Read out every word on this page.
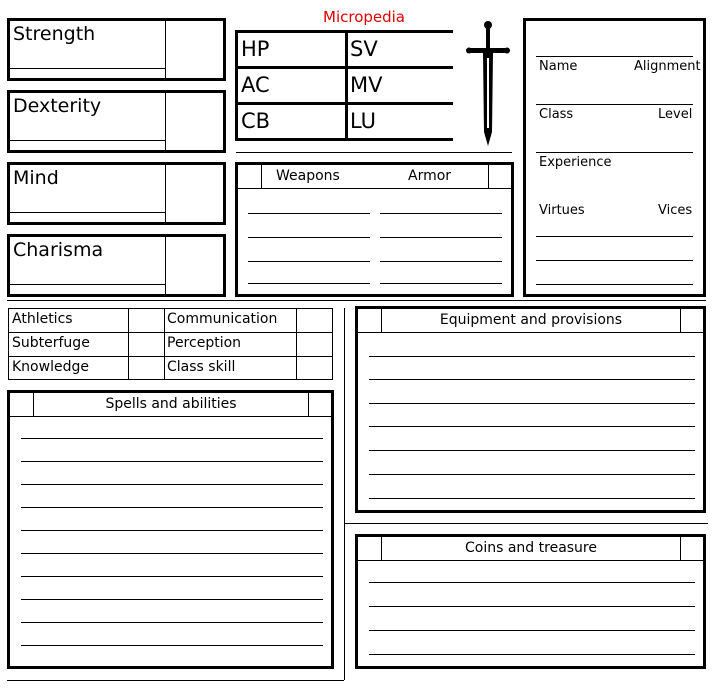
Micropedia
Strength
Dexterity
Mind
Charisma
HP	SV
AC	MV
CB	LU
Name	Alignment
Class	Level
Experience
Virtues	Vices
Weapons	Armor
Athletics	Communication
Subterfuge	Perception
Knowledge	Class skill
Spells and abilities
Equipment and provisions
Coins and treasure
